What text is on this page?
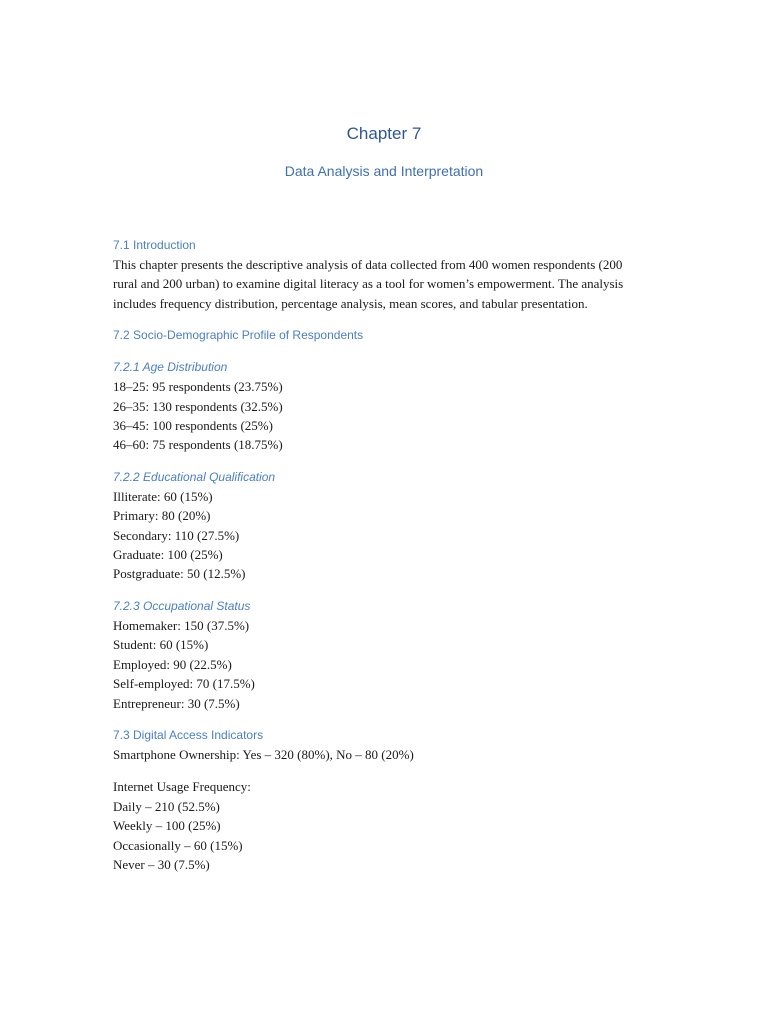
Chapter 7
Data Analysis and Interpretation
7.1 Introduction

This chapter presents the descriptive analysis of data collected from 400 women respondents (200 rural and 200 urban) to examine digital literacy as a tool for women’s empowerment. The analysis includes frequency distribution, percentage analysis, mean scores, and tabular presentation.

7.2 Socio-Demographic Profile of Respondents
7.2.1 Age Distribution

18–25: 95 respondents (23.75%)

26–35: 130 respondents (32.5%)

36–45: 100 respondents (25%)

46–60: 75 respondents (18.75%)

7.2.2 Educational Qualification

Illiterate: 60 (15%)

Primary: 80 (20%)

Secondary: 110 (27.5%)

Graduate: 100 (25%)

Postgraduate: 50 (12.5%)

7.2.3 Occupational Status

Homemaker: 150 (37.5%)

Student: 60 (15%)

Employed: 90 (22.5%)

Self-employed: 70 (17.5%)

Entrepreneur: 30 (7.5%)

7.3 Digital Access Indicators

Smartphone Ownership: Yes – 320 (80%), No – 80 (20%)

Internet Usage Frequency:

Daily – 210 (52.5%)

Weekly – 100 (25%)

Occasionally – 60 (15%)

Never – 30 (7.5%)
